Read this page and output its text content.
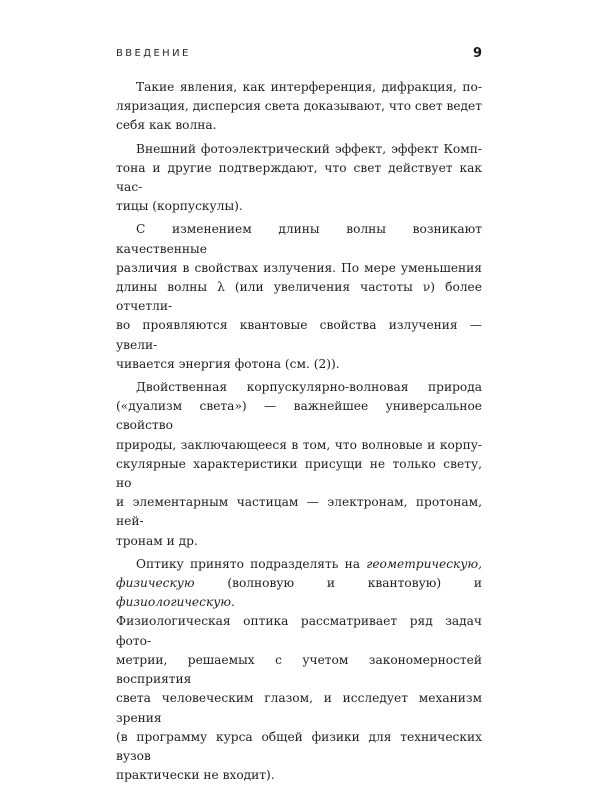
ВВЕДЕНИЕ	9
Такие явления, как интерференция, дифракция, по-
ляризация, дисперсия света доказывают, что свет ведет
себя как волна.
Внешний фотоэлектрический эффект, эффект Комп-
тона и другие подтверждают, что свет действует как час-
тицы (корпускулы).
С изменением длины волны возникают качественные
различия в свойствах излучения. По мере уменьшения
длины волны λ (или увеличения частоты ν) более отчетли-
во проявляются квантовые свойства излучения — увели-
чивается энергия фотона (см. (2)).
Двойственная корпускулярно-волновая природа
(«дуализм света») — важнейшее универсальное свойство
природы, заключающееся в том, что волновые и корпу-
скулярные характеристики присущи не только свету, но
и элементарным частицам — электронам, протонам, ней-
тронам и др.
Оптику принято подразделять на геометрическую,
физическую (волновую и квантовую) и физиологическую.
Физиологическая оптика рассматривает ряд задач фото-
метрии, решаемых с учетом закономерностей восприятия
света человеческим глазом, и исследует механизм зрения
(в программу курса общей физики для технических вузов
практически не входит).
